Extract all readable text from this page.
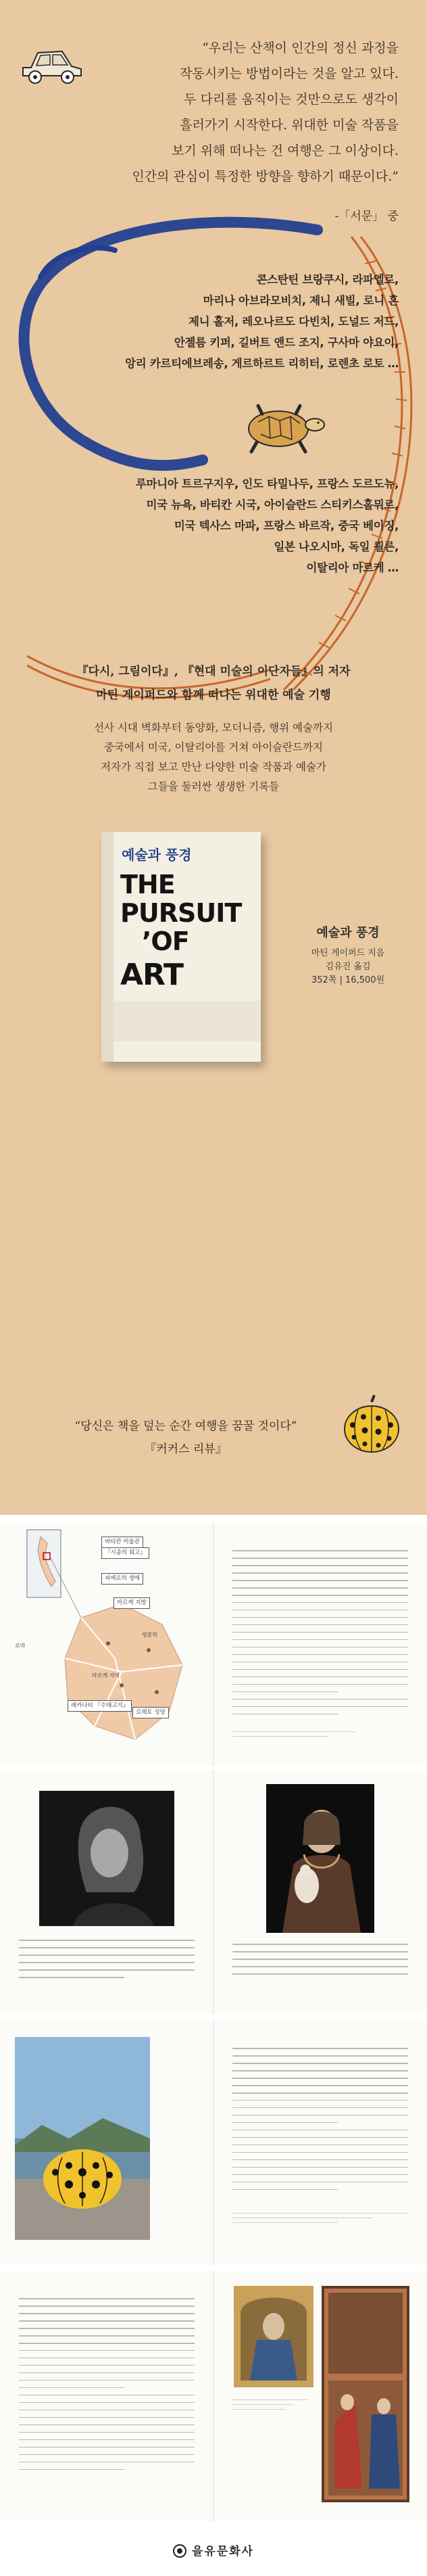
“우리는 산책이 인간의 정신 과정을

작동시키는 방법이라는 것을 알고 있다.

두 다리를 움직이는 것만으로도 생각이

흘러가기 시작한다. 위대한 미술 작품을

보기 위해 떠나는 건 여행은 그 이상이다.

인간의 관심이 특정한 방향을 향하기 때문이다.”

-「서문」 중

콘스탄틴 브랑쿠시, 라파엘로,

마리나 아브라모비치, 제니 새빌, 로니 혼

제니 홀저, 레오나르도 다빈치, 도널드 저드,

안젤름 키퍼, 길버트 앤드 조지, 구사마 야요이,

앙리 카르티에브레송, 게르하르트 리히터, 로렌초 로토 …

루마니아 트르구지우, 인도 타밀나두, 프랑스 도르도뉴,

미국 뉴욕, 바티칸 시국, 아이슬란드 스티키스홀뮈르,

미국 텍사스 마파, 프랑스 바르작, 중국 베이징,

일본 나오시마, 독일 쾰른,

이탈리아 마르케 …

『다시, 그림이다』, 『현대 미술의 이단자들』의 저자
마틴 게이퍼드와 함께 떠나는 위대한 예술 기행

선사 시대 벽화부터 동양화, 모더니즘, 행위 예술까지

중국에서 미국, 이탈리아를 거쳐 아이슬란드까지

저자가 직접 보고 만난 다양한 미술 작품과 예술가

그들을 둘러싼 생생한 기록들

예술과 풍경
THE
PURSUIT
’OF
ART
예술과 풍경
마틴 게이퍼드 지음
김유진 옮김
352쪽 | 16,500원

“당신은 책을 덮는 순간 여행을 꿈꿀 것이다”

『커커스 리뷰』

바티칸 미술관
『시종의 회고』
피에로의 생애
마르케 지방
레카나티 『수태고지』
로레토 성당
로마
마르케 지역
영혼학
을유문화사
